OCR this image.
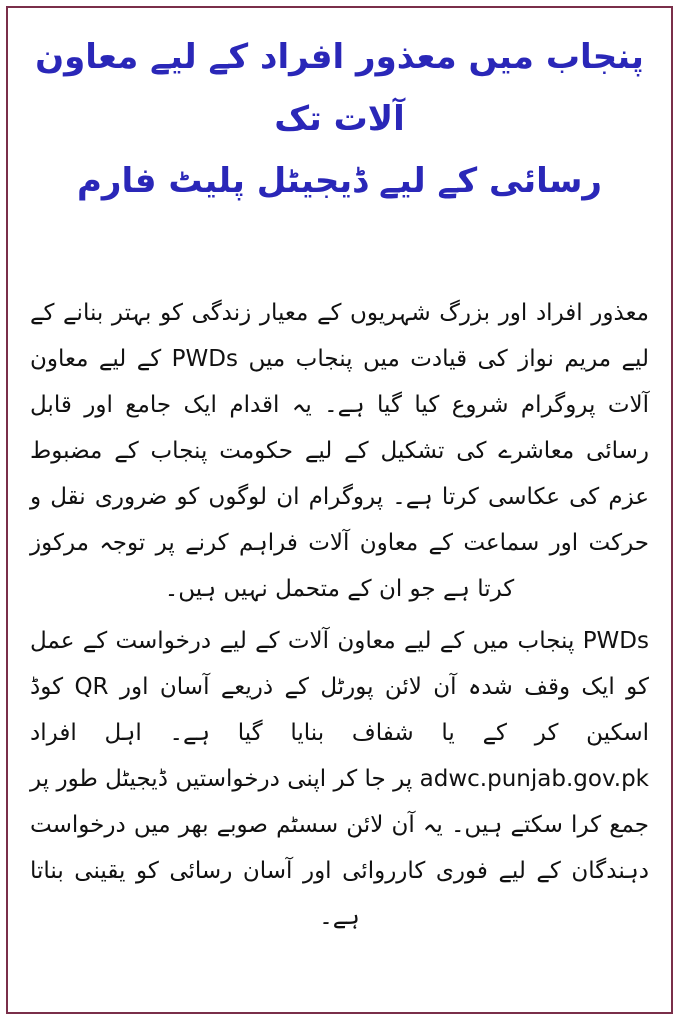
پنجاب میں معذور افراد کے لیے معاون آلات تک
رسائی کے لیے ڈیجیٹل پلیٹ فارم

معذور افراد اور بزرگ شہریوں کے معیار زندگی کو بہتر بنانے کے لیے مریم نواز کی قیادت میں پنجاب میں PWDs کے لیے معاون آلات پروگرام شروع کیا گیا ہے۔ یہ اقدام ایک جامع اور قابل رسائی معاشرے کی تشکیل کے لیے حکومت پنجاب کے مضبوط عزم کی عکاسی کرتا ہے۔ پروگرام ان لوگوں کو ضروری نقل و حرکت اور سماعت کے معاون آلات فراہم کرنے پر توجہ مرکوز کرتا ہے جو ان کے متحمل نہیں ہیں۔

PWDs پنجاب میں کے لیے معاون آلات کے لیے درخواست کے عمل کو ایک وقف شدہ آن لائن پورٹل کے ذریعے آسان اور QR کوڈ اسکین کر کے یا شفاف بنایا گیا ہے۔ اہل افراد adwc.punjab.gov.pk پر جا کر اپنی درخواستیں ڈیجیٹل طور پر جمع کرا سکتے ہیں۔ یہ آن لائن سسٹم صوبے بھر میں درخواست دہندگان کے لیے فوری کارروائی اور آسان رسائی کو یقینی بناتا ہے۔
